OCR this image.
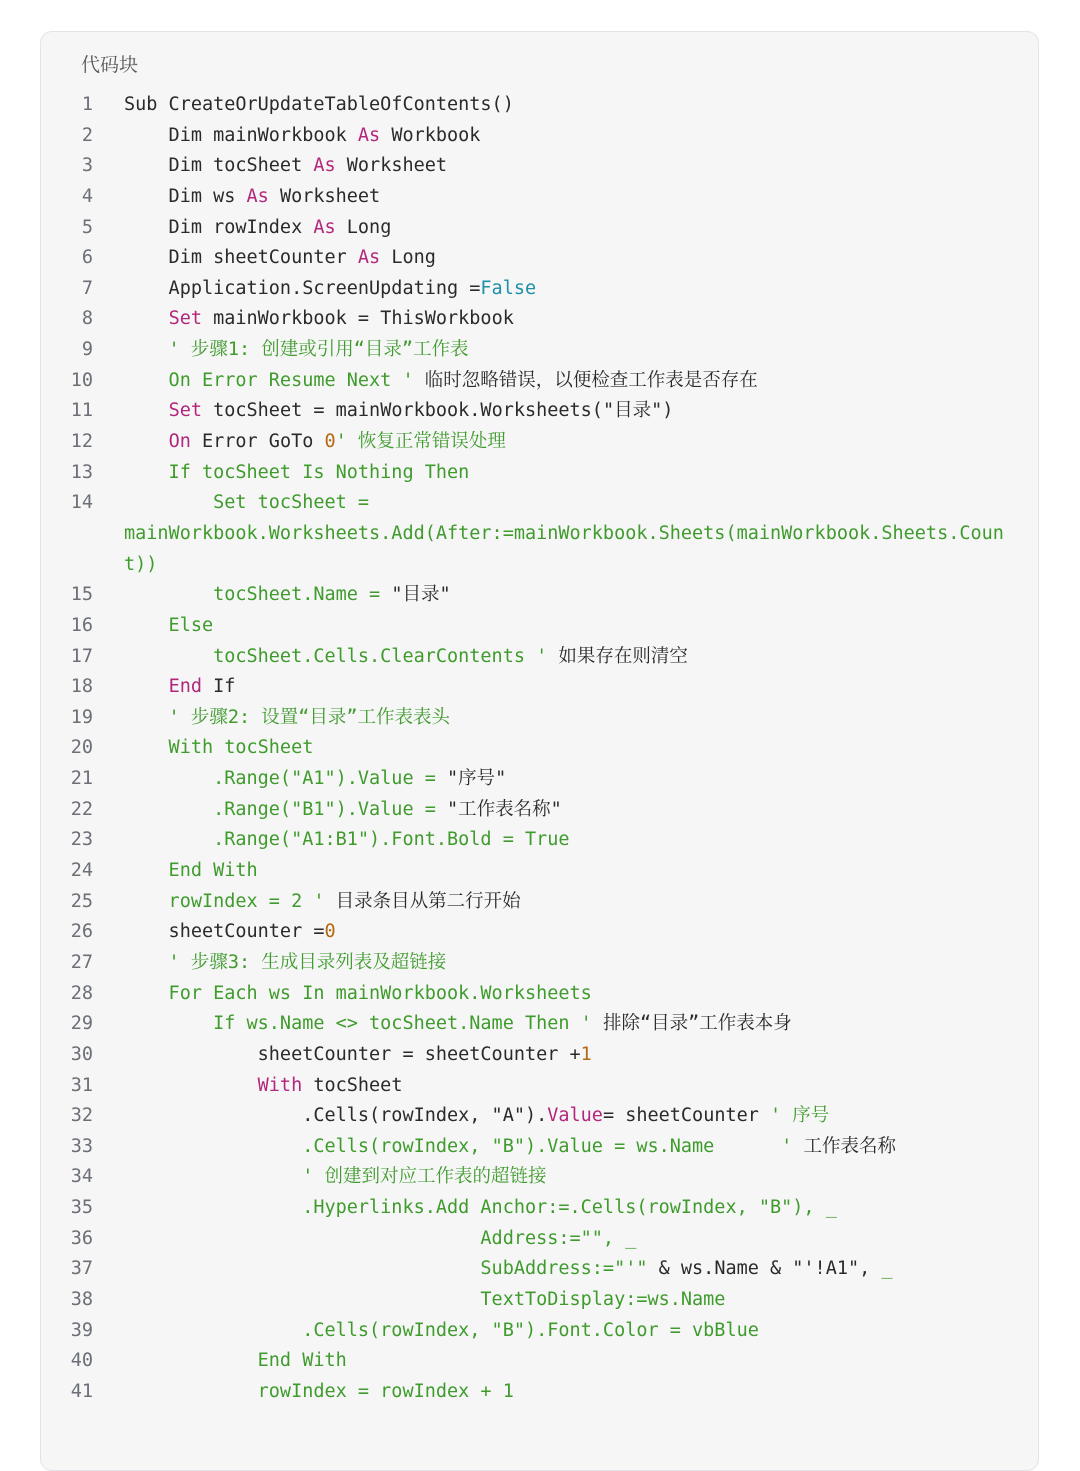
代码块
1 Sub CreateOrUpdateTableOfContents()
2 Dim mainWorkbook As Workbook
3 Dim tocSheet As Worksheet
4 Dim ws As Worksheet
5 Dim rowIndex As Long
6 Dim sheetCounter As Long
7 Application.ScreenUpdating =False
8	Set mainWorkbook = ThisWorkbook
9 ' 步骤1: 创建或引用“目录”工作表
10 On Error Resume Next ' 临时忽略错误，以便检查工作表是否存在
11	Set tocSheet = mainWorkbook.Worksheets("目录")
12	On Error GoTo 0' 恢复正常错误处理
13 If tocSheet Is Nothing Then
14 Set tocSheet =
mainWorkbook.Worksheets.Add(After:=mainWorkbook.Sheets(mainWorkbook.Sheets.Coun
t))
15 tocSheet.Name = "目录"
16 Else
17 tocSheet.Cells.ClearContents ' 如果存在则清空
18	End If
19 ' 步骤2: 设置“目录”工作表表头
20 With tocSheet
21 .Range("A1").Value = "序号"
22 .Range("B1").Value = "工作表名称"
23 .Range("A1:B1").Font.Bold = True
24 End With
25 rowIndex = 2 ' 目录条目从第二行开始
26 sheetCounter =0
27 ' 步骤3: 生成目录列表及超链接
28 For Each ws In mainWorkbook.Worksheets
29 If ws.Name <> tocSheet.Name Then ' 排除“目录”工作表本身
30 sheetCounter = sheetCounter +1
31	With tocSheet
32 .Cells(rowIndex, "A").Value= sheetCounter ' 序号
33	.Cells(rowIndex, "B").Value = ws.Name      ' 工作表名称
34 ' 创建到对应工作表的超链接
35 .Hyperlinks.Add Anchor:=.Cells(rowIndex, "B"), _
36 Address:="", _
37 SubAddress:="'" & ws.Name & "'!A1", _
38 TextToDisplay:=ws.Name
39 .Cells(rowIndex, "B").Font.Color = vbBlue
40 End With
41 rowIndex = rowIndex + 1
